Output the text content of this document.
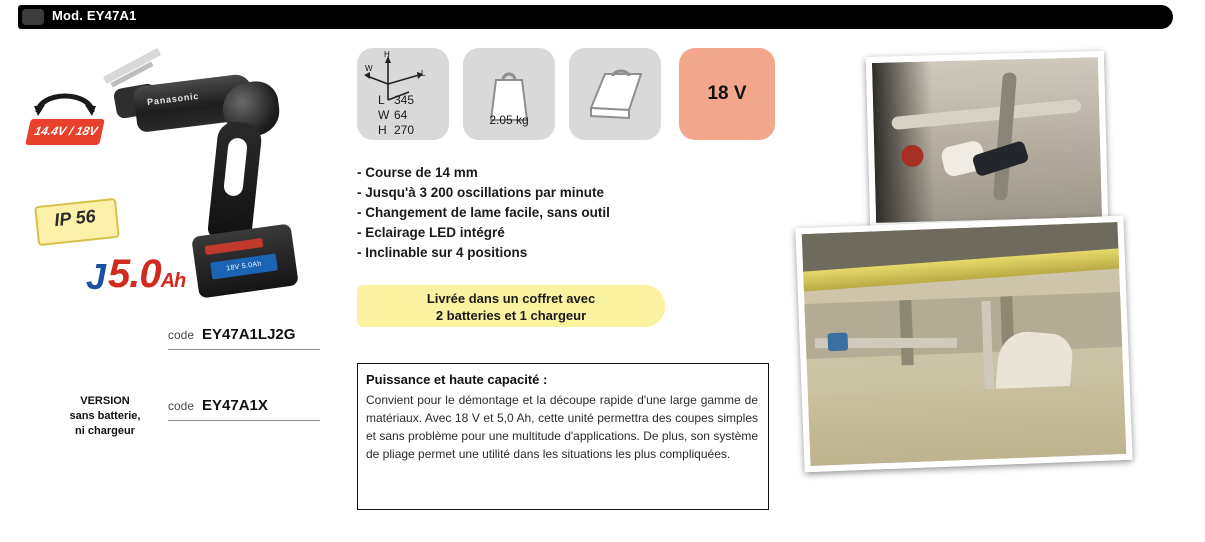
Mod. EY47A1
Panasonic
18V 5.0Ah
14.4V / 18V
IP 56
J 5.0Ah
code EY47A1LJ2G
VERSION
sans batterie,
ni chargeur
code EY47A1X
H
W
L
L 345
W 64
H 270
2.05 kg
18 V
- Course de 14 mm
- Jusqu'à 3 200 oscillations par minute
- Changement de lame facile, sans outil
- Eclairage LED intégré
- Inclinable sur 4 positions
Livrée dans un coffret avec
2 batteries et 1 chargeur
Puissance et haute capacité :
Convient pour le démontage et la découpe rapide d'une large gamme de matériaux. Avec 18 V et 5,0 Ah, cette unité permettra des coupes simples et sans problème pour une multitude d'applications. De plus, son système de pliage permet une utilité dans les situations les plus compliquées.
